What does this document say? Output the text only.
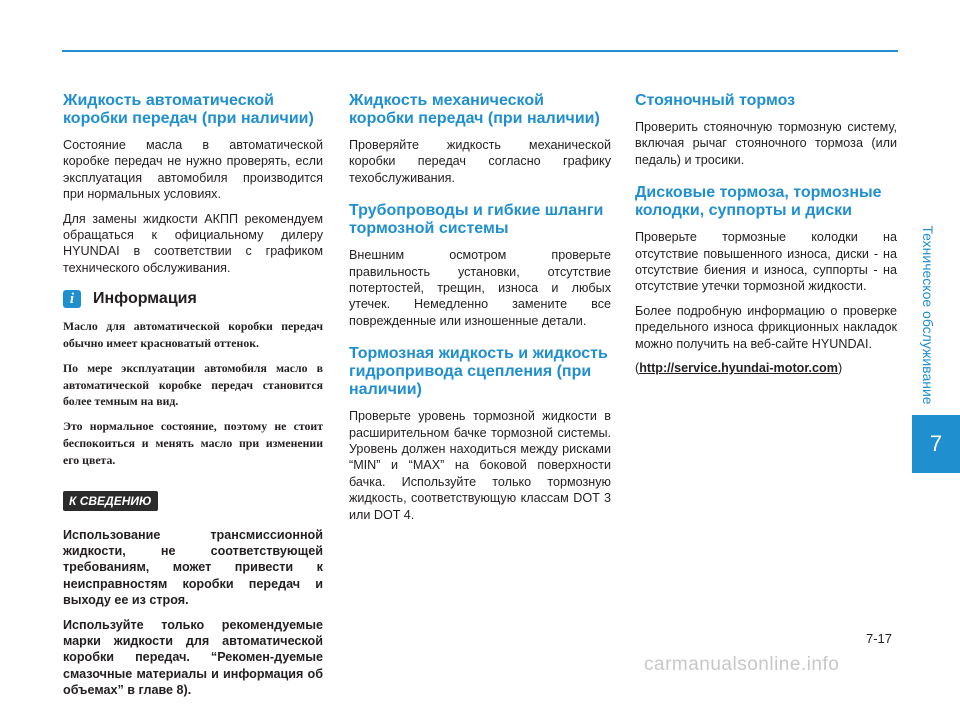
Техническое обслуживание
7
Жидкость автоматической коробки передач (при наличии)

Состояние масла в автоматической коробке передач не нужно проверять, если эксплуатация автомобиля производится при нормальных условиях.

Для замены жидкости АКПП рекомендуем обращаться к официальному дилеру HYUNDAI в соответствии с графиком технического обслуживания.

i	Информация

Масло для автоматической коробки передач обычно имеет красноватый оттенок.

По мере эксплуатации автомобиля масло в автоматической коробке передач становится более темным на вид.

Это нормальное состояние, поэтому не стоит беспокоиться и менять масло при изменении его цвета.

К СВЕДЕНИЮ

Использование трансмиссионной жидкости, не соответствующей требованиям, может привести к неисправностям коробки передач и выходу ее из строя.

Используйте только рекомендуемые марки жидкости для автоматической коробки передач. “Рекомен-дуемые смазочные материалы и информация об объемах” в главе 8).

Жидкость механической коробки передач (при наличии)

Проверяйте жидкость механической коробки передач согласно графику техобслуживания.

Трубопроводы и гибкие шланги тормозной системы

Внешним осмотром проверьте правильность установки, отсутствие потертостей, трещин, износа и любых утечек. Немедленно замените все поврежденные или изношенные детали.

Тормозная жидкость и жидкость гидропривода сцепления (при наличии)

Проверьте уровень тормозной жидкости в расширительном бачке тормозной системы. Уровень должен находиться между рисками “MIN” и “MAX” на боковой поверхности бачка. Используйте только тормозную жидкость, соответствующую классам DOT 3 или DOT 4.

Стояночный тормоз

Проверить стояночную тормозную систему, включая рычаг стояночного тормоза (или педаль) и тросики.

Дисковые тормоза, тормозные колодки, суппорты и диски

Проверьте тормозные колодки на отсутствие повышенного износа, диски - на отсутствие биения и износа, суппорты - на отсутствие утечки тормозной жидкости.

Более подробную информацию о проверке предельного износа фрикционных накладок можно получить на веб-сайте HYUNDAI.

(http://service.hyundai-motor.com)

7-17
carmanualsonline.info
